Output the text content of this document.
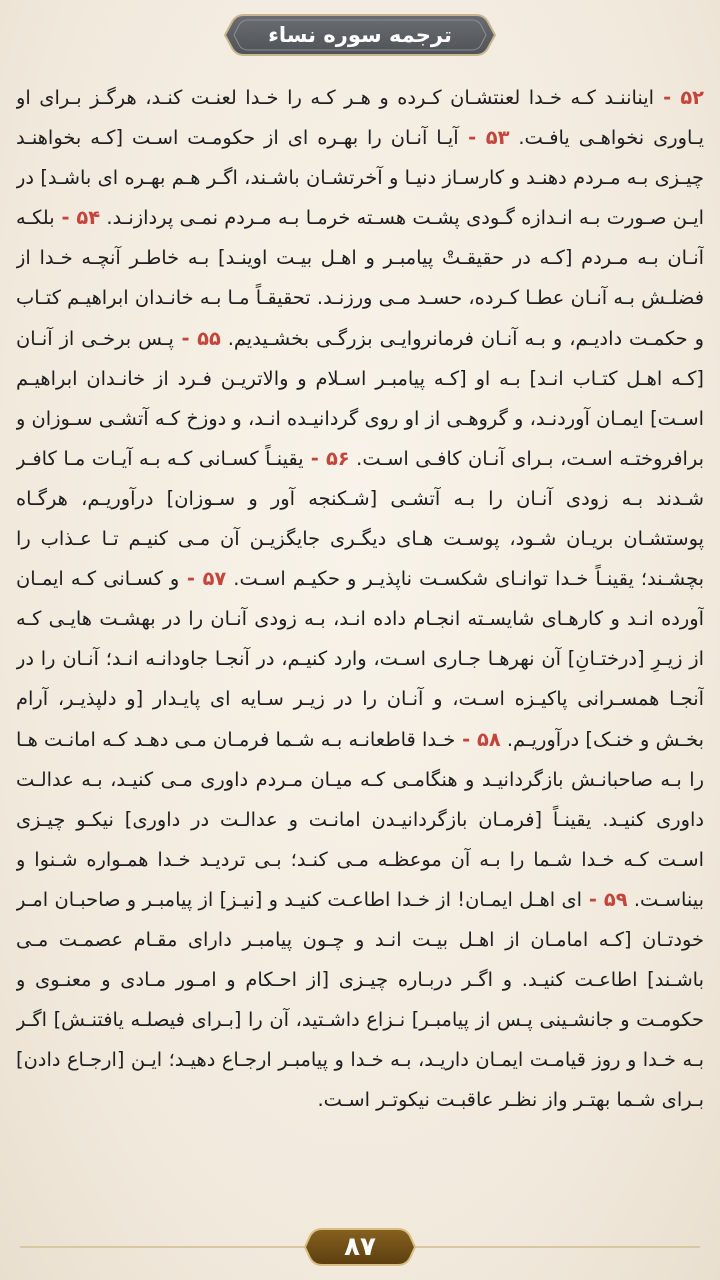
ترجمه سوره نساء
۵۲ - ایناننـد کـه خـدا لعنتشـان کـرده و هـر کـه را خـدا لعنـت کنـد، هرگـز بـرای او یـاوری نخواهـی یافـت. ۵۳ - آیـا آنـان را بهـره ای از حکومـت اسـت [کـه بخواهنـد چیـزی بـه مـردم دهنـد و کارسـاز دنیـا و آخرتشـان باشـند، اگـر هـم بهـره ای باشـد] در ایـن صـورت بـه انـدازه گـودی پشـت هسـته خرمـا بـه مـردم نمـی پردازنـد. ۵۴ - بلکـه آنـان بـه مـردم [کـه در حقیقـتْ پیامبـر و اهـل بیـت اوینـد] بـه خاطـر آنچـه خـدا از فضلـش بـه آنـان عطـا کـرده، حسـد مـی ورزنـد. تحقیقـاً مـا بـه خانـدان ابراهیـم کتـاب و حکمـت دادیـم، و بـه آنـان فرمانروایـی بزرگـی بخشـیدیم. ۵۵ - پـس برخـی از آنـان [کـه اهـل کتـاب انـد] بـه او [کـه پیامبـر اسـلام و والاتریـن فـرد از خانـدان ابراهیـم اسـت] ایمـان آوردنـد، و گروهـی از او روی گردانیـده انـد، و دوزخ کـه آتشـی سـوزان و برافروختـه اسـت، بـرای آنـان کافـی اسـت. ۵۶ - یقینـاً کسـانی کـه بـه آیـات مـا کافـر شـدند بـه زودی آنـان را بـه آتشـی [شـکنجه آور و سـوزان] درآوریـم، هرگـاه پوستشـان بریـان شـود، پوسـت هـای دیگـری جایگزیـن آن مـی کنیـم تـا عـذاب را بچشـند؛ یقینـاً خـدا توانـای شکسـت ناپذیـر و حکیـم اسـت. ۵۷ - و کسـانی کـه ایمـان آورده انـد و کارهـای شایسـته انجـام داده انـد، بـه زودی آنـان را در بهشـت هایـی کـه از زیـرِ [درختـانِ] آن نهرهـا جـاری اسـت، وارد کنیـم، در آنجـا جاودانـه انـد؛ آنـان را در آنجـا همسـرانی پاکیـزه اسـت، و آنـان را در زیـر سـایه ای پایـدار [و دلپذیـر، آرام بخـش و خنـک] درآوریـم. ۵۸ - خـدا قاطعانـه بـه شـما فرمـان مـی دهـد کـه امانـت هـا را بـه صاحبانـش بازگردانیـد و هنگامـی کـه میـان مـردم داوری مـی کنیـد، بـه عدالـت داوری کنیـد. یقینـاً [فرمـان بازگردانیـدن امانـت و عدالـت در داوری] نیکـو چیـزی اسـت کـه خـدا شـما را بـه آن موعظـه مـی کنـد؛ بـی تردیـد خـدا همـواره شـنوا و بیناسـت. ۵۹ - ای اهـل ایمـان! از خـدا اطاعـت کنیـد و [نیـز] از پیامبـر و صاحبـان امـر خودتـان [کـه امامـان از اهـل بیـت انـد و چـون پیامبـر دارای مقـام عصمـت مـی باشـند] اطاعـت کنیـد. و اگـر دربـاره چیـزی [از احـکام و امـور مـادی و معنـوی و حکومـت و جانشـینی پـس از پیامبـر] نـزاع داشـتید، آن را [بـرای فیصلـه یافتنـش] اگـر بـه خـدا و روز قیامـت ایمـان داریـد، بـه خـدا و پیامبـر ارجـاع دهیـد؛ ایـن [ارجـاع دادن] بـرای شـما بهتـر واز نظـر عاقبـت نیکوتـر اسـت.
۸۷
